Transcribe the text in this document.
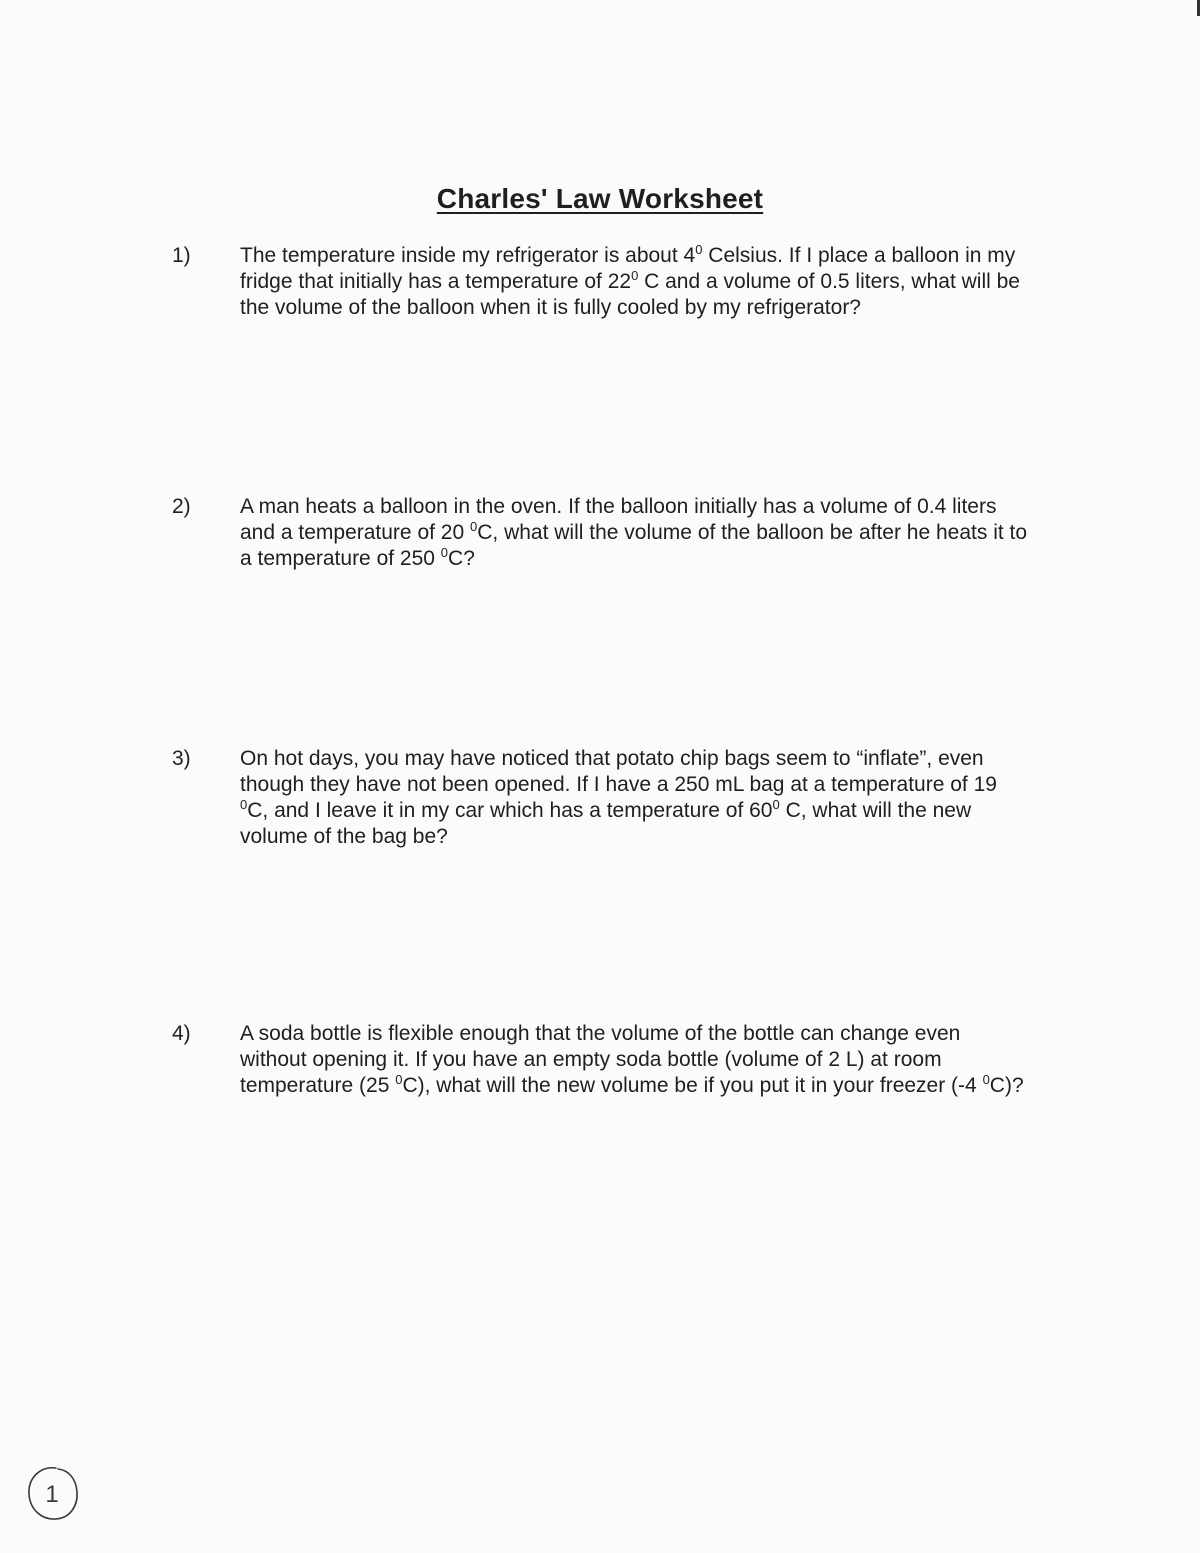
Charles' Law Worksheet
1) The temperature inside my refrigerator is about $4^0$ Celsius. If I place a balloon in my fridge that initially has a temperature of $22^0$ C and a volume of 0.5 liters, what will be the volume of the balloon when it is fully cooled by my refrigerator?

2) A man heats a balloon in the oven. If the balloon initially has a volume of 0.4 liters and a temperature of 20 $^0$C, what will the volume of the balloon be after he heats it to a temperature of 250 $^0$C?

3) On hot days, you may have noticed that potato chip bags seem to “inflate”, even though they have not been opened. If I have a 250 mL bag at a temperature of 19 $^0$C, and I leave it in my car which has a temperature of $60^0$ C, what will the new volume of the bag be?

4) A soda bottle is flexible enough that the volume of the bottle can change even without opening it. If you have an empty soda bottle (volume of 2 L) at room temperature (25 $^0$C), what will the new volume be if you put it in your freezer (-4 $^0$C)?

1
